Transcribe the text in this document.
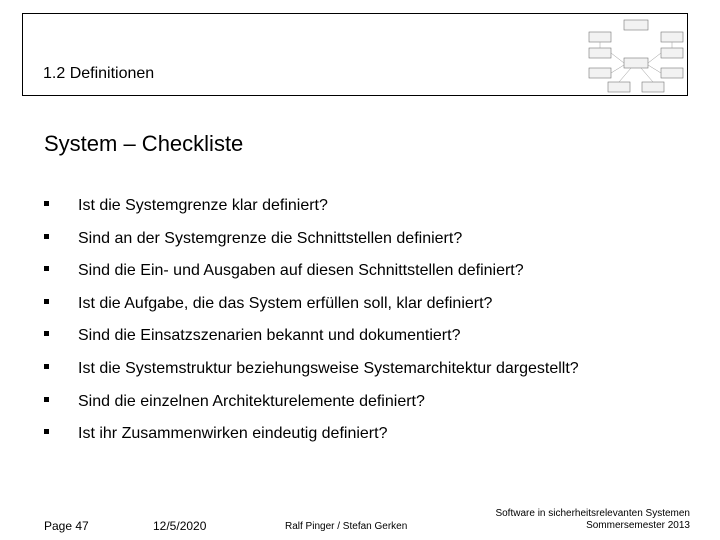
1.2 Definitionen
System – Checkliste
Ist die Systemgrenze klar definiert?
Sind an der Systemgrenze die Schnittstellen definiert?
Sind die Ein- und Ausgaben auf diesen Schnittstellen definiert?
Ist die Aufgabe, die das System erfüllen soll, klar definiert?
Sind die Einsatzszenarien bekannt und dokumentiert?
Ist die Systemstruktur beziehungsweise Systemarchitektur dargestellt?
Sind die einzelnen Architekturelemente definiert?
Ist ihr Zusammenwirken eindeutig definiert?
Page 47	12/5/2020	Ralf Pinger / Stefan Gerken
Software in sicherheitsrelevanten Systemen
Sommersemester 2013
